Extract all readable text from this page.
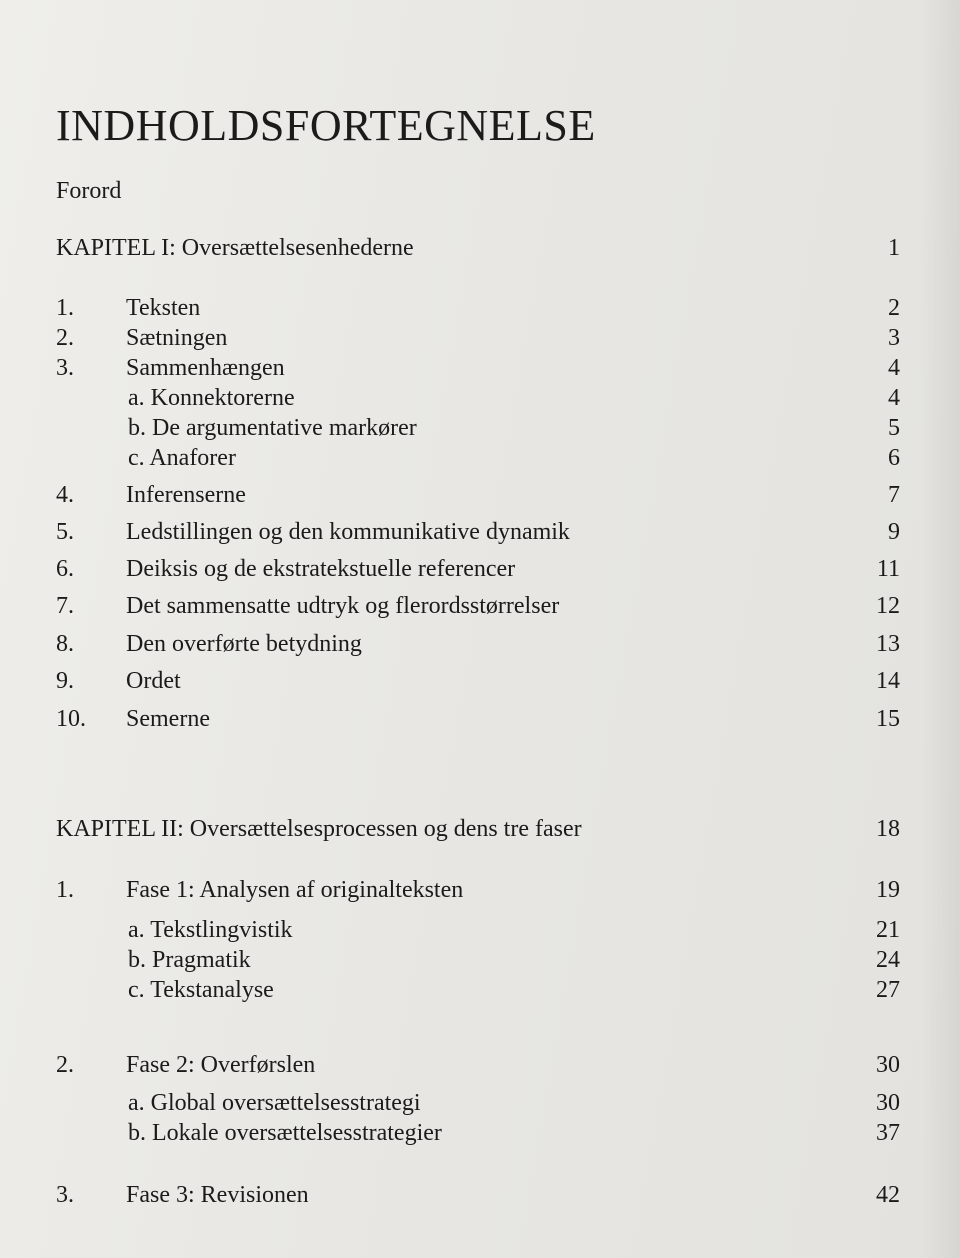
INDHOLDSFORTEGNELSE
Forord
KAPITEL I: Oversættelsesenhederne	1
1. Teksten	2
2. Sætningen	3
3. Sammenhængen	4
a. Konnektorerne	4
b. De argumentative markører	5
c. Anaforer	6
4. Inferenserne	7
5. Ledstillingen og den kommunikative dynamik	9
6. Deiksis og de ekstratekstuelle referencer	11
7. Det sammensatte udtryk og flerordsstørrelser	12
8. Den overførte betydning	13
9. Ordet	14
10. Semerne	15
KAPITEL II: Oversættelsesprocessen og dens tre faser	18
1. Fase 1: Analysen af originalteksten	19
a. Tekstlingvistik	21
b. Pragmatik	24
c. Tekstanalyse	27
2. Fase 2: Overførslen	30
a. Global oversættelsesstrategi	30
b. Lokale oversættelsesstrategier	37
3. Fase 3: Revisionen	42
